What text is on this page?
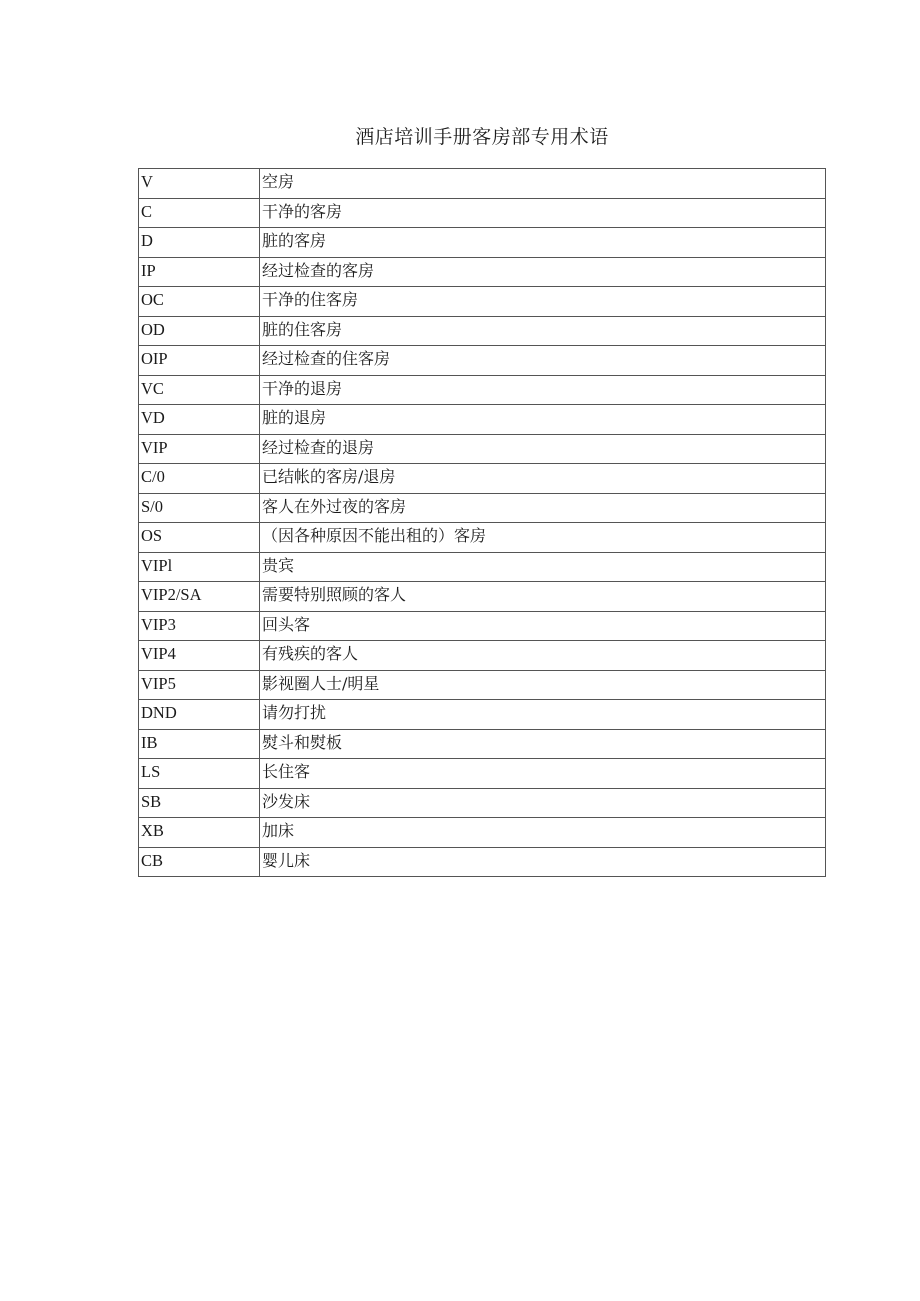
酒店培训手册客房部专用术语
V	空房
C	干净的客房
D	脏的客房
IP	经过检查的客房
OC	干净的住客房
OD	脏的住客房
OIP	经过检查的住客房
VC	干净的退房
VD	脏的退房
VIP	经过检查的退房
C/0	已结帐的客房/退房
S/0	客人在外过夜的客房
OS	（因各种原因不能出租的）客房
VIPl	贵宾
VIP2/SA	需要特别照顾的客人
VIP3	回头客
VIP4	有残疾的客人
VIP5	影视圈人士/明星
DND	请勿打扰
IB	熨斗和熨板
LS	长住客
SB	沙发床
XB	加床
CB	婴儿床
